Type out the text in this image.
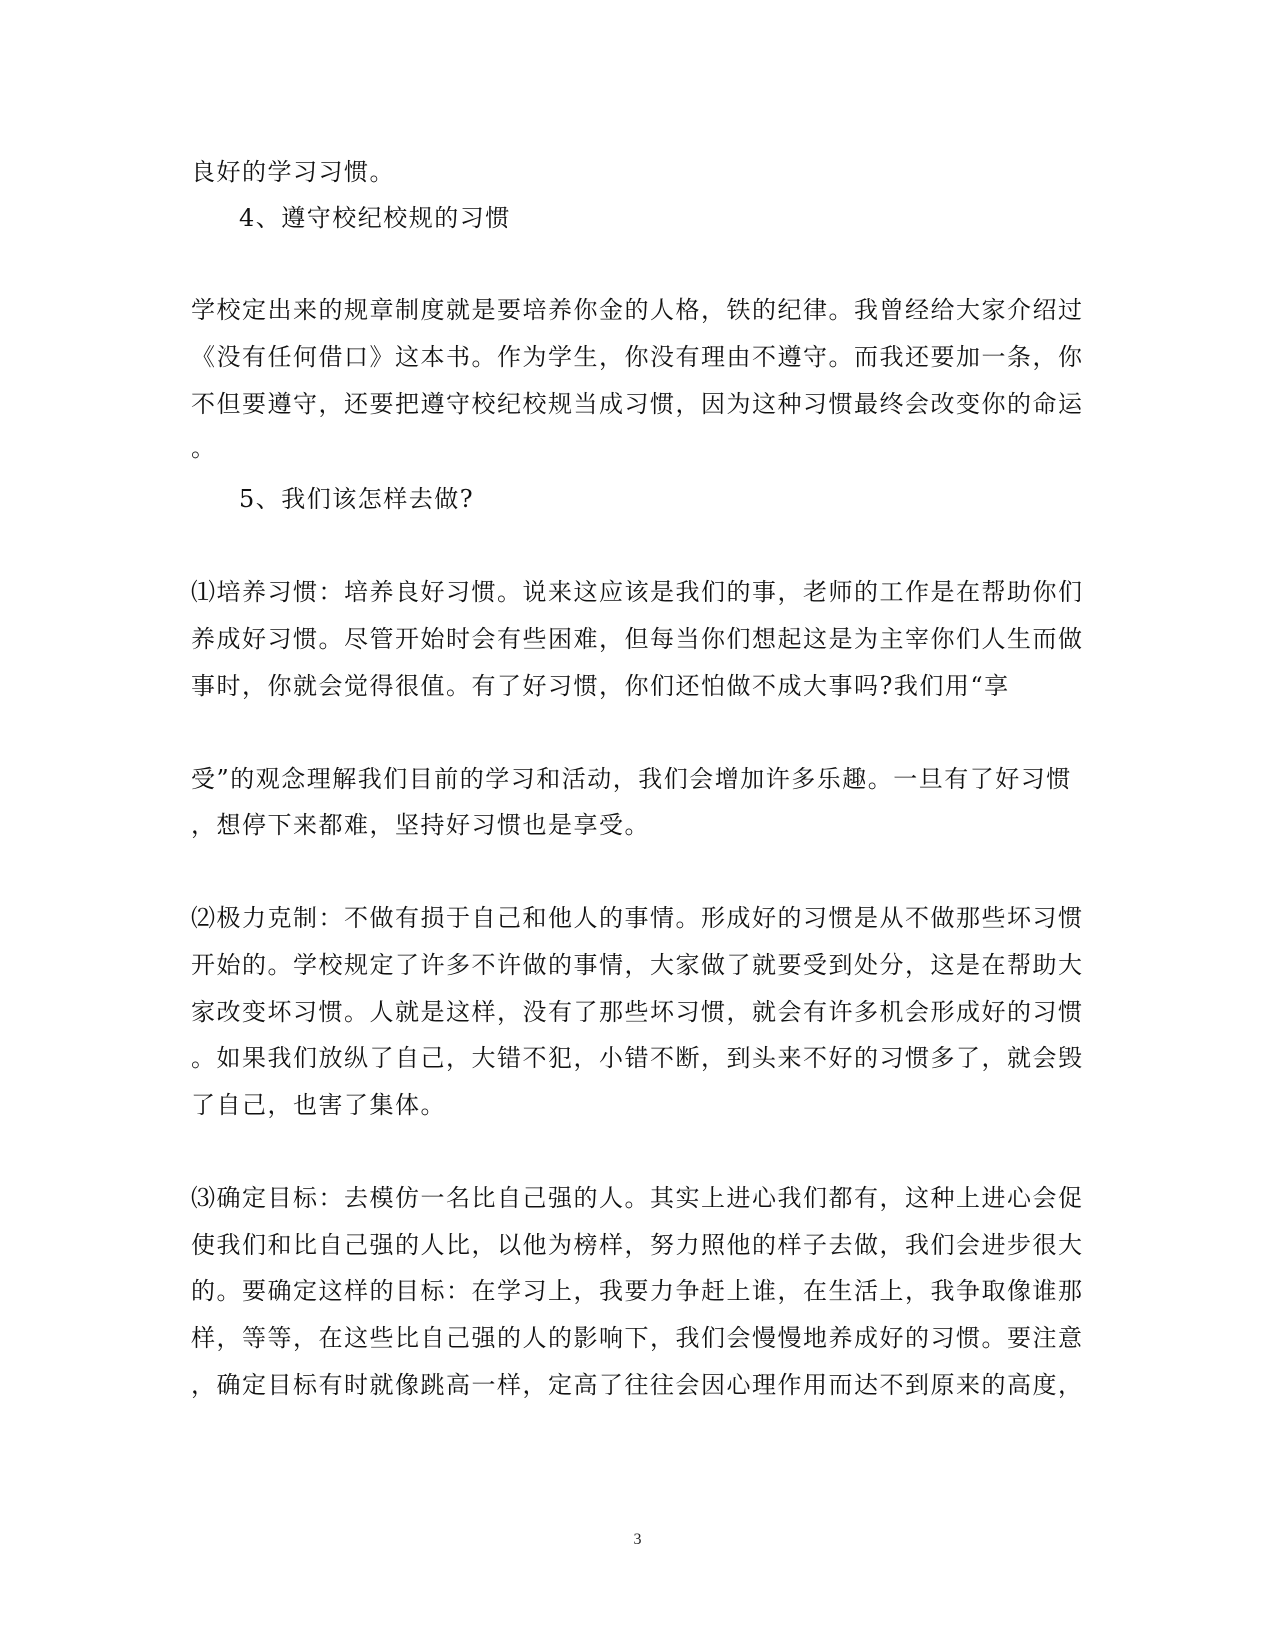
良好的学习习惯。
4、遵守校纪校规的习惯
学校定出来的规章制度就是要培养你金的人格，铁的纪律。我曾经给大家介绍过
《没有任何借口》这本书。作为学生，你没有理由不遵守。而我还要加一条，你
不但要遵守，还要把遵守校纪校规当成习惯，因为这种习惯最终会改变你的命运
。
5、我们该怎样去做?
⑴培养习惯：培养良好习惯。说来这应该是我们的事，老师的工作是在帮助你们
养成好习惯。尽管开始时会有些困难，但每当你们想起这是为主宰你们人生而做
事时，你就会觉得很值。有了好习惯，你们还怕做不成大事吗?我们用“享
受”的观念理解我们目前的学习和活动，我们会增加许多乐趣。一旦有了好习惯
，想停下来都难，坚持好习惯也是享受。
⑵极力克制：不做有损于自己和他人的事情。形成好的习惯是从不做那些坏习惯
开始的。学校规定了许多不许做的事情，大家做了就要受到处分，这是在帮助大
家改变坏习惯。人就是这样，没有了那些坏习惯，就会有许多机会形成好的习惯
。如果我们放纵了自己，大错不犯，小错不断，到头来不好的习惯多了，就会毁
了自己，也害了集体。
⑶确定目标：去模仿一名比自己强的人。其实上进心我们都有，这种上进心会促
使我们和比自己强的人比，以他为榜样，努力照他的样子去做，我们会进步很大
的。要确定这样的目标：在学习上，我要力争赶上谁，在生活上，我争取像谁那
样，等等，在这些比自己强的人的影响下，我们会慢慢地养成好的习惯。要注意
，确定目标有时就像跳高一样，定高了往往会因心理作用而达不到原来的高度，
3
